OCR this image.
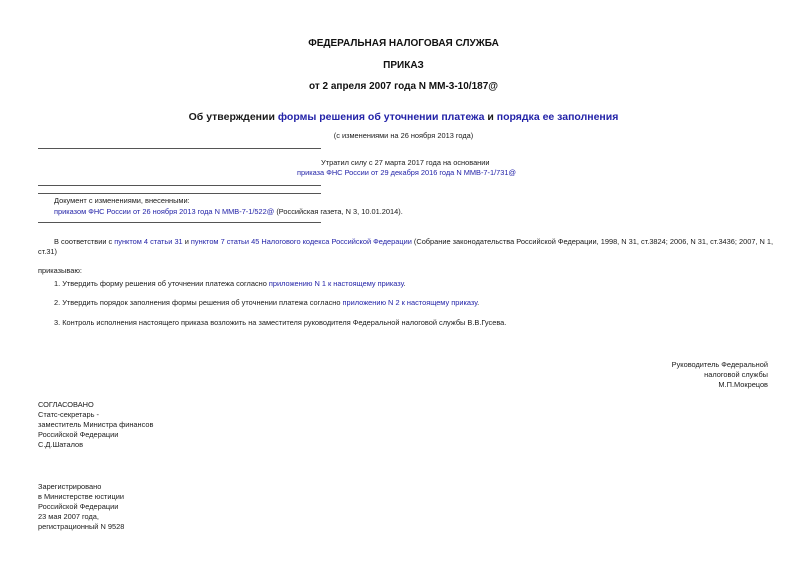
ФЕДЕРАЛЬНАЯ НАЛОГОВАЯ СЛУЖБА
ПРИКАЗ
от 2 апреля 2007 года N ММ-3-10/187@
Об утверждении формы решения об уточнении платежа и порядка ее заполнения
(с изменениями на 26 ноября 2013 года)
Утратил силу с 27 марта 2017 года на основании
приказа ФНС России от 29 декабря 2016 года N ММВ-7-1/731@
Документ с изменениями, внесенными:
приказом ФНС России от 26 ноября 2013 года N ММВ-7-1/522@ (Российская газета, N 3, 10.01.2014).
В соответствии с пунктом 4 статьи 31 и пунктом 7 статьи 45 Налогового кодекса Российской Федерации (Собрание законодательства Российской Федерации, 1998, N 31, ст.3824; 2006, N 31, ст.3436; 2007, N 1,
ст.31)
приказываю:
1. Утвердить форму решения об уточнении платежа согласно приложению N 1 к настоящему приказу.
2. Утвердить порядок заполнения формы решения об уточнении платежа согласно приложению N 2 к настоящему приказу.
3. Контроль исполнения настоящего приказа возложить на заместителя руководителя Федеральной налоговой службы В.В.Гусева.
Руководитель Федеральной
налоговой службы
М.П.Мокрецов
СОГЛАСОВАНО
Статс-секретарь -
заместитель Министра финансов
Российской Федерации
С.Д.Шаталов
Зарегистрировано
в Министерстве юстиции
Российской Федерации
23 мая 2007 года,
регистрационный N 9528
